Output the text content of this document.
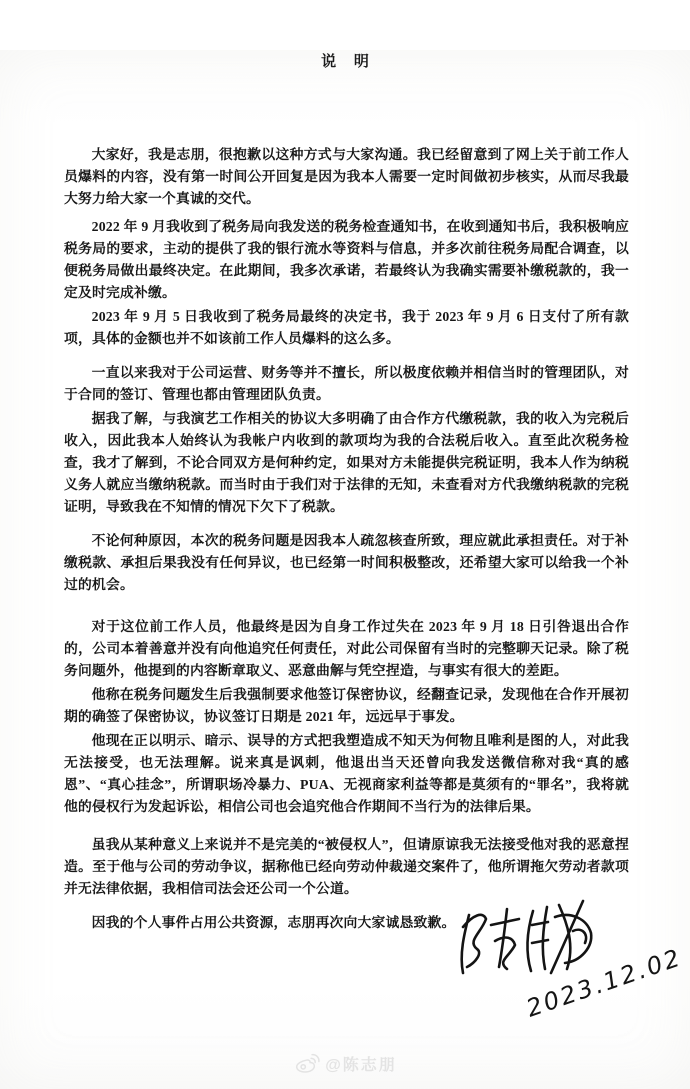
说 明

大家好，我是志朋，很抱歉以这种方式与大家沟通。我已经留意到了网上关于前工作人员爆料的内容，没有第一时间公开回复是因为我本人需要一定时间做初步核实，从而尽我最大努力给大家一个真诚的交代。

2022 年 9 月我收到了税务局向我发送的税务检查通知书，在收到通知书后，我积极响应税务局的要求，主动的提供了我的银行流水等资料与信息，并多次前往税务局配合调查，以便税务局做出最终决定。在此期间，我多次承诺，若最终认为我确实需要补缴税款的，我一定及时完成补缴。

2023 年 9 月 5 日我收到了税务局最终的决定书，我于 2023 年 9 月 6 日支付了所有款项，具体的金额也并不如该前工作人员爆料的这么多。

一直以来我对于公司运营、财务等并不擅长，所以极度依赖并相信当时的管理团队，对于合同的签订、管理也都由管理团队负责。

据我了解，与我演艺工作相关的协议大多明确了由合作方代缴税款，我的收入为完税后收入，因此我本人始终认为我帐户内收到的款项均为我的合法税后收入。直至此次税务检查，我才了解到，不论合同双方是何种约定，如果对方未能提供完税证明，我本人作为纳税义务人就应当缴纳税款。而当时由于我们对于法律的无知，未查看对方代我缴纳税款的完税证明，导致我在不知情的情况下欠下了税款。

不论何种原因，本次的税务问题是因我本人疏忽核查所致，理应就此承担责任。对于补缴税款、承担后果我没有任何异议，也已经第一时间积极整改，还希望大家可以给我一个补过的机会。

对于这位前工作人员，他最终是因为自身工作过失在 2023 年 9 月 18 日引咎退出合作的，公司本着善意并没有向他追究任何责任，对此公司保留有当时的完整聊天记录。除了税务问题外，他提到的内容断章取义、恶意曲解与凭空捏造，与事实有很大的差距。

他称在税务问题发生后我强制要求他签订保密协议，经翻查记录，发现他在合作开展初期的确签了保密协议，协议签订日期是 2021 年，远远早于事发。

他现在正以明示、暗示、误导的方式把我塑造成不知天为何物且唯利是图的人，对此我无法接受，也无法理解。说来真是讽刺，他退出当天还曾向我发送微信称对我“真的感恩”、“真心挂念”，所谓职场冷暴力、PUA、无视商家利益等都是莫须有的“罪名”，我将就他的侵权行为发起诉讼，相信公司也会追究他合作期间不当行为的法律后果。

虽我从某种意义上来说并不是完美的“被侵权人”，但请原谅我无法接受他对我的恶意捏造。至于他与公司的劳动争议，据称他已经向劳动仲裁递交案件了，他所谓拖欠劳动者款项并无法律依据，我相信司法会还公司一个公道。

因我的个人事件占用公共资源，志朋再次向大家诚恳致歉。

2023.12.02
@陈志朋
